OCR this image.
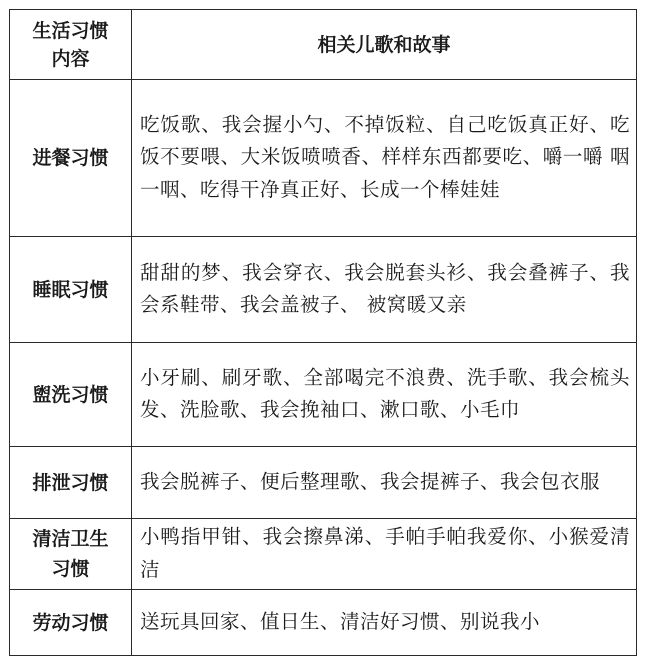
生活习惯内容	相关儿歌和故事
进餐习惯	吃饭歌、我会握小勺、不掉饭粒、自己吃饭真正好、吃饭不要喂、大米饭喷喷香、样样东西都要吃、嚼一嚼 咽一咽、吃得干净真正好、长成一个棒娃娃
睡眠习惯	甜甜的梦、我会穿衣、我会脱套头衫、我会叠裤子、我会系鞋带、我会盖被子、 被窝暖又亲
盥洗习惯	小牙刷、刷牙歌、全部喝完不浪费、洗手歌、我会梳头发、洗脸歌、我会挽袖口、漱口歌、小毛巾
排泄习惯	我会脱裤子、便后整理歌、我会提裤子、我会包衣服
清洁卫生习惯	小鸭指甲钳、我会擦鼻涕、手帕手帕我爱你、小猴爱清洁
劳动习惯	送玩具回家、值日生、清洁好习惯、别说我小
